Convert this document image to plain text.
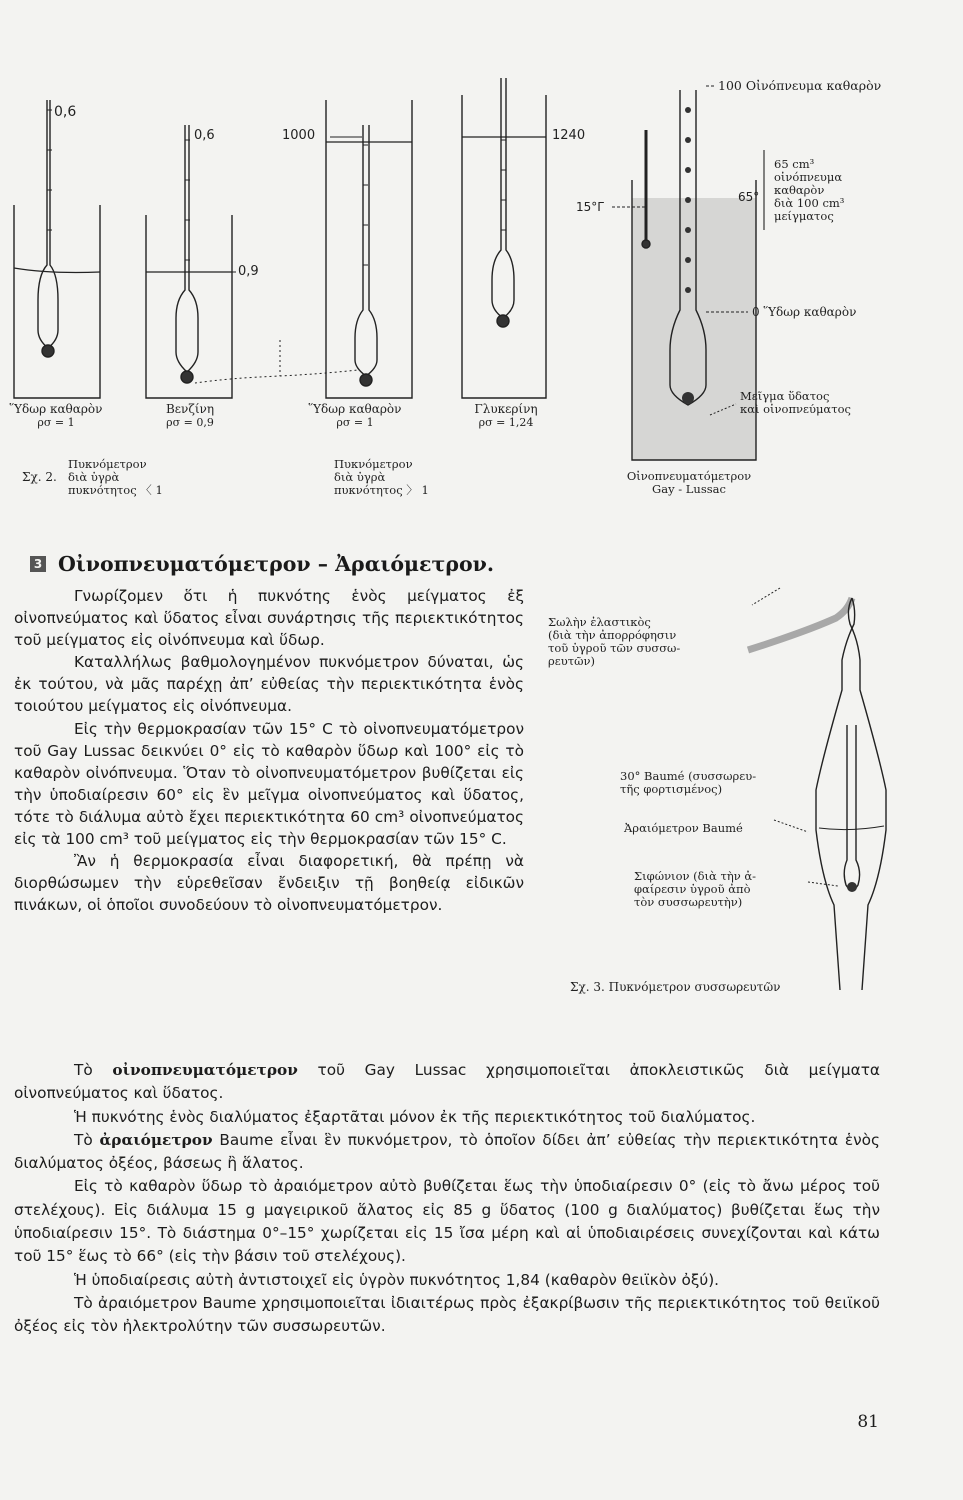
0,6
0,6	1000	1240
0,9
Ὕδωρ καθαρὸν
ρσ = 1
Βενζίνη
ρσ = 0,9
Ὕδωρ καθαρὸν
ρσ = 1
Γλυκερίνη
ρσ = 1,24
Σχ. 2.
Πυκνόμετρον
διὰ ὑγρὰ
πυκνότητος 〈 1
Πυκνόμετρον
διὰ ὑγρὰ
πυκνότητος 〉 1
100 Οἰνόπνευμα καθαρὸν
15°Γ
65°
65 cm³
οἰνόπνευμα
καθαρὸν
διὰ 100 cm³
μείγματος
0 Ὕδωρ καθαρὸν
Μεῖγμα ὕδατος
καὶ οἰνοπνεύματος
Οἰνοπνευματόμετρον
Gay - Lussac
3 Οἰνοπνευματόμετρον – Ἀραιόμετρον.

Γνωρίζομεν ὅτι ἡ πυκνότης ἑνὸς μείγματος ἐξ οἰνοπνεύματος καὶ ὕδατος εἶναι συνάρτησις τῆς περιεκτικότητος τοῦ μείγματος εἰς οἰνόπνευμα καὶ ὕδωρ.

Καταλλήλως βαθμολογημένον πυκνόμετρον δύναται, ὡς ἐκ τούτου, νὰ μᾶς παρέχῃ ἀπ’ εὐθείας τὴν περιεκτικότητα ἑνὸς τοιούτου μείγματος εἰς οἰνόπνευμα.

Εἰς τὴν θερμοκρασίαν τῶν 15° C τὸ οἰνοπνευματόμετρον τοῦ Gay Lussac δεικνύει 0° εἰς τὸ καθαρὸν ὕδωρ καὶ 100° εἰς τὸ καθαρὸν οἰνόπνευμα. Ὅταν τὸ οἰνοπνευματόμετρον βυθίζεται εἰς τὴν ὑποδιαίρεσιν 60° εἰς ἓν μεῖγμα οἰνοπνεύματος καὶ ὕδατος, τότε τὸ διάλυμα αὐτὸ ἔχει περιεκτικότητα 60 cm³ οἰνοπνεύματος εἰς τὰ 100 cm³ τοῦ μείγματος εἰς τὴν θερμοκρασίαν τῶν 15° C.

Ἂν ἡ θερμοκρασία εἶναι διαφορετική, θὰ πρέπῃ νὰ διορθώσωμεν τὴν εὑρεθεῖσαν ἔνδειξιν τῇ βοηθείᾳ εἰδικῶν πινάκων, οἱ ὁποῖοι συνοδεύουν τὸ οἰνοπνευματόμετρον.

Σωλὴν ἐλαστικὸς
(διὰ τὴν ἀπορρόφησιν
τοῦ ὑγροῦ τῶν συσσω-
ρευτῶν)
30° Baumé (συσσωρευ-
τῆς φορτισμένος)
Ἀραιόμετρον Baumé
Σιφώνιον (διὰ τὴν ἀ-
φαίρεσιν ὑγροῦ ἀπὸ
τὸν συσσωρευτὴν)
Σχ. 3. Πυκνόμετρον συσσωρευτῶν

Τὸ οἰνοπνευματόμετρον τοῦ Gay Lussac χρησιμοποιεῖται ἀποκλειστικῶς διὰ μείγματα οἰνοπνεύματος καὶ ὕδατος.

Ἡ πυκνότης ἑνὸς διαλύματος ἐξαρτᾶται μόνον ἐκ τῆς περιεκτικότητος τοῦ διαλύματος.

Τὸ ἀραιόμετρον Baume εἶναι ἓν πυκνόμετρον, τὸ ὁποῖον δίδει ἀπ’ εὐθείας τὴν περιεκτικότητα ἑνὸς διαλύματος ὀξέος, βάσεως ἢ ἅλατος.

Εἰς τὸ καθαρὸν ὕδωρ τὸ ἀραιόμετρον αὐτὸ βυθίζεται ἕως τὴν ὑποδιαίρεσιν 0° (εἰς τὸ ἄνω μέρος τοῦ στελέχους). Εἰς διάλυμα 15 g μαγειρικοῦ ἅλατος εἰς 85 g ὕδατος (100 g διαλύματος) βυθίζεται ἕως τὴν ὑποδιαίρεσιν 15°. Τὸ διάστημα 0°–15° χωρίζεται εἰς 15 ἴσα μέρη καὶ αἱ ὑποδιαιρέσεις συνεχίζονται καὶ κάτω τοῦ 15° ἕως τὸ 66° (εἰς τὴν βάσιν τοῦ στελέχους).

Ἡ ὑποδιαίρεσις αὐτὴ ἀντιστοιχεῖ εἰς ὑγρὸν πυκνότητος 1,84 (καθαρὸν θειϊκὸν ὀξύ).

Τὸ ἀραιόμετρον Baume χρησιμοποιεῖται ἰδιαιτέρως πρὸς ἐξακρίβωσιν τῆς περιεκτικότητος τοῦ θειϊκοῦ ὀξέος εἰς τὸν ἠλεκτρολύτην τῶν συσσωρευτῶν.

81
